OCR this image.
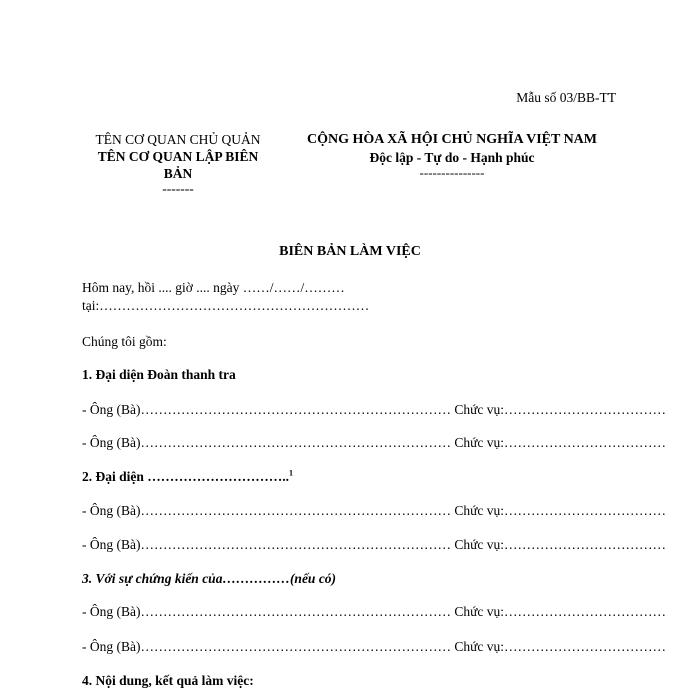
Mẫu số 03/BB-TT
TÊN CƠ QUAN CHỦ QUẢN
TÊN CƠ QUAN LẬP BIÊN BẢN
-------
CỘNG HÒA XÃ HỘI CHỦ NGHĨA VIỆT NAM
Độc lập - Tự do - Hạnh phúc
---------------
BIÊN BẢN LÀM VIỆC
Hôm nay, hồi .... giờ .... ngày ……/……/………
tại:……………………………………………………
Chúng tôi gồm:
1. Đại diện Đoàn thanh tra
- Ông (Bà)…………………………………………………………… Chức vụ:………………………………
- Ông (Bà)…………………………………………………………… Chức vụ:………………………………
2. Đại diện …………………………..$^1$
- Ông (Bà)…………………………………………………………… Chức vụ:………………………………
- Ông (Bà)…………………………………………………………… Chức vụ:………………………………
3. Với sự chứng kiến của……………(nếu có)
- Ông (Bà)…………………………………………………………… Chức vụ:………………………………
- Ông (Bà)…………………………………………………………… Chức vụ:………………………………
4. Nội dung, kết quả làm việc:
